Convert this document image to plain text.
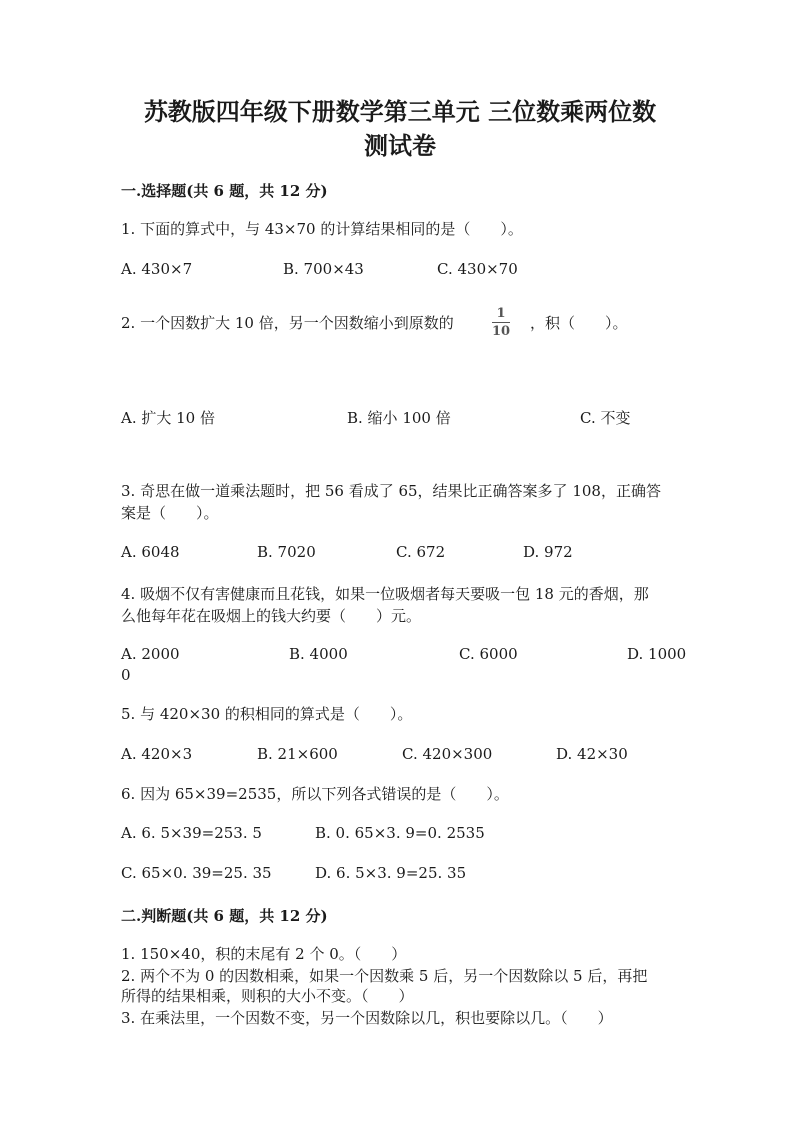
苏教版四年级下册数学第三单元 三位数乘两位数
测试卷
一.选择题(共 6 题，共 12 分)
1. 下面的算式中，与 43×70 的计算结果相同的是（　　）。
A. 430×7	B. 700×43	C. 430×70
2. 一个因数扩大 10 倍，另一个因数缩小到原数的
1
10 ，积（　　）。
A. 扩大 10 倍	B. 缩小 100 倍	C. 不变
3. 奇思在做一道乘法题时，把 56 看成了 65，结果比正确答案多了 108，正确答
案是（　　）。
A. 6048	B. 7020	C. 672	D. 972
4. 吸烟不仅有害健康而且花钱，如果一位吸烟者每天要吸一包 18 元的香烟，那
么他每年花在吸烟上的钱大约要（　　）元。
A. 2000	B. 4000	C. 6000	D. 1000
0
5. 与 420×30 的积相同的算式是（　　）。
A. 420×3	B. 21×600	C. 420×300	D. 42×30
6. 因为 65×39=2535，所以下列各式错误的是（　　）。
A. 6. 5×39=253. 5	B. 0. 65×3. 9=0. 2535
C. 65×0. 39=25. 35	D. 6. 5×3. 9=25. 35
二.判断题(共 6 题，共 12 分)
1. 150×40，积的末尾有 2 个 0。（　　）
2. 两个不为 0 的因数相乘，如果一个因数乘 5 后，另一个因数除以 5 后，再把
所得的结果相乘，则积的大小不变。（　　）
3. 在乘法里，一个因数不变，另一个因数除以几，积也要除以几。（　　）
